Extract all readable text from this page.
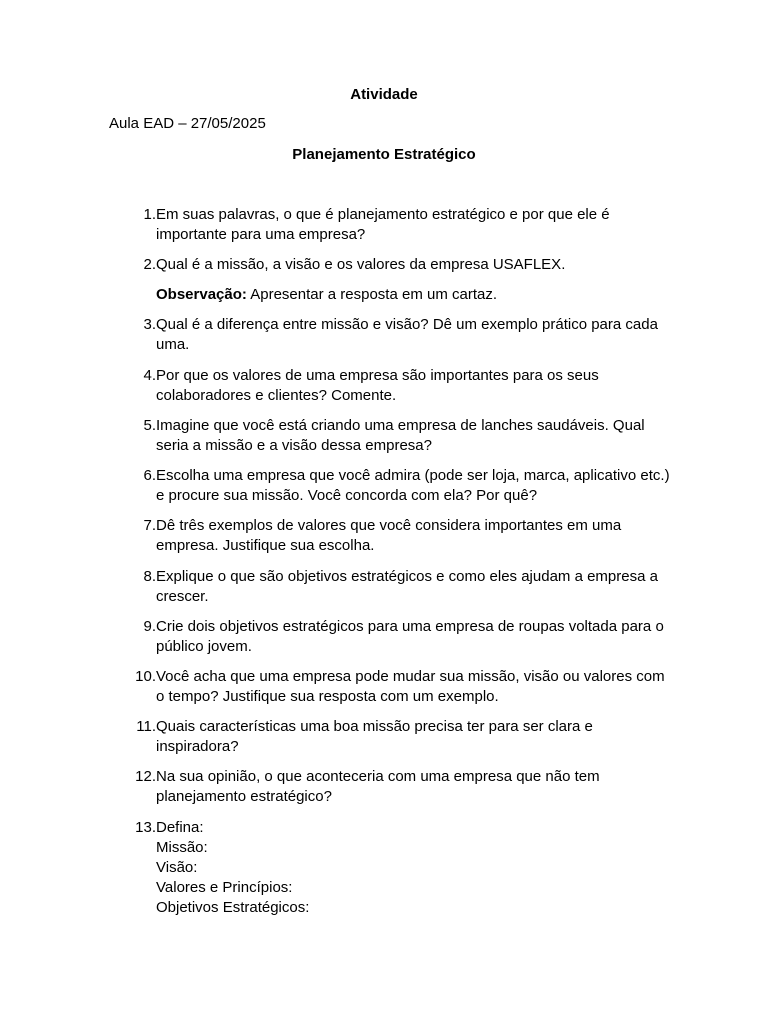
Atividade
Aula EAD – 27/05/2025
Planejamento Estratégico
1. Em suas palavras, o que é planejamento estratégico e por que ele é importante para uma empresa?
2. Qual é a missão, a visão e os valores da empresa USAFLEX.
Observação: Apresentar a resposta em um cartaz.
3. Qual é a diferença entre missão e visão? Dê um exemplo prático para cada uma.
4. Por que os valores de uma empresa são importantes para os seus colaboradores e clientes? Comente.
5. Imagine que você está criando uma empresa de lanches saudáveis. Qual seria a missão e a visão dessa empresa?
6. Escolha uma empresa que você admira (pode ser loja, marca, aplicativo etc.) e procure sua missão. Você concorda com ela? Por quê?
7. Dê três exemplos de valores que você considera importantes em uma empresa. Justifique sua escolha.
8. Explique o que são objetivos estratégicos e como eles ajudam a empresa a crescer.
9. Crie dois objetivos estratégicos para uma empresa de roupas voltada para o público jovem.
10. Você acha que uma empresa pode mudar sua missão, visão ou valores com o tempo? Justifique sua resposta com um exemplo.
11. Quais características uma boa missão precisa ter para ser clara e inspiradora?
12. Na sua opinião, o que aconteceria com uma empresa que não tem planejamento estratégico?
13. Defina:
Missão:
Visão:
Valores e Princípios:
Objetivos Estratégicos:
